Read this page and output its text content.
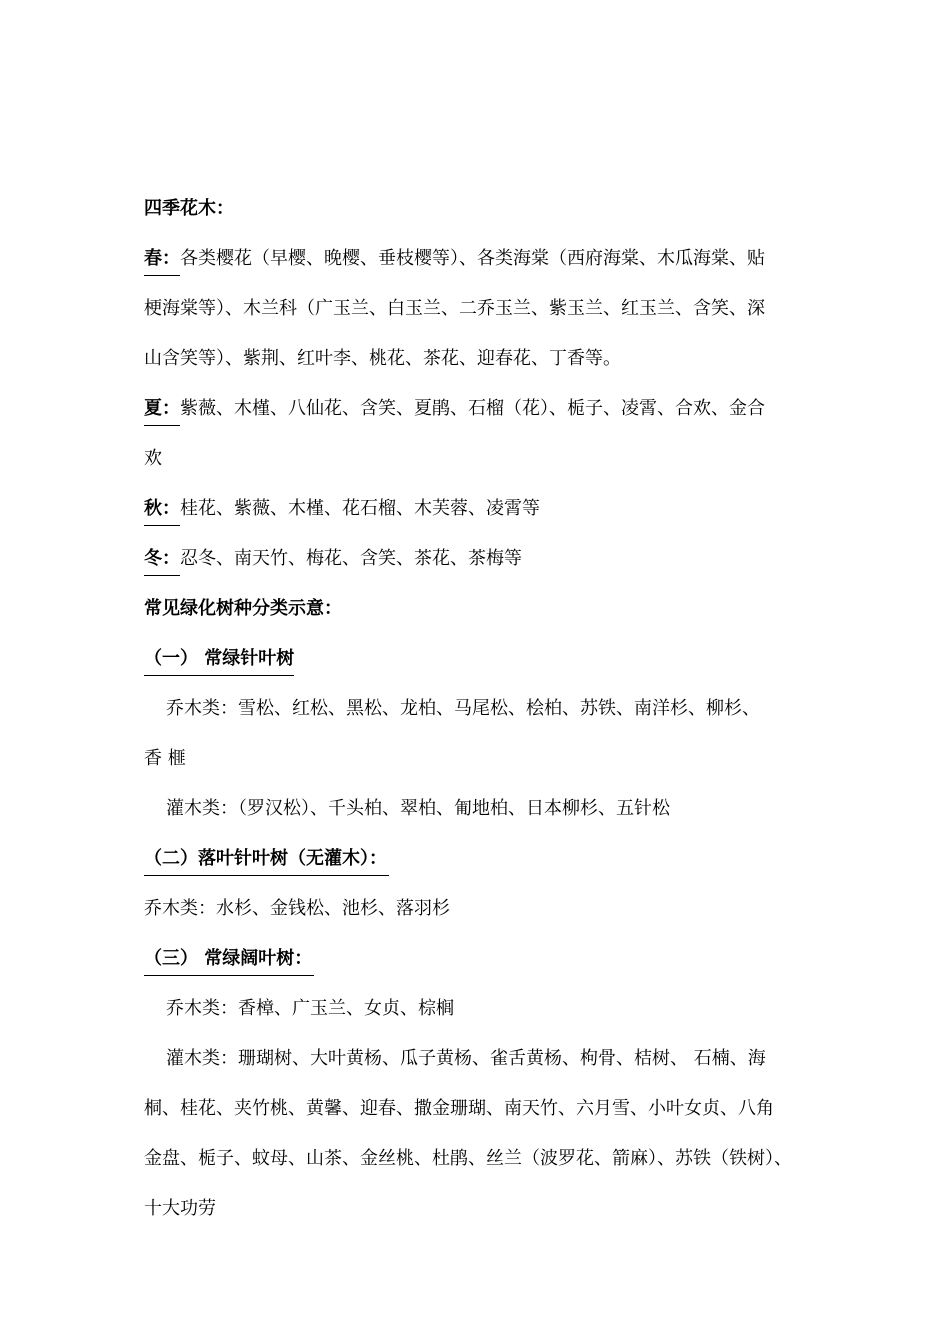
四季花木：
春：各类樱花（早樱、晚樱、垂枝樱等）、各类海棠（西府海棠、木瓜海棠、贴
梗海棠等）、木兰科（广玉兰、白玉兰、二乔玉兰、紫玉兰、红玉兰、含笑、深
山含笑等）、紫荆、红叶李、桃花、茶花、迎春花、丁香等。
夏：紫薇、木槿、八仙花、含笑、夏鹃、石榴（花）、栀子、凌霄、合欢、金合
欢
秋：桂花、紫薇、木槿、花石榴、木芙蓉、凌霄等
冬：忍冬、南天竹、梅花、含笑、茶花、茶梅等
常见绿化树种分类示意：
（一） 常绿针叶树
乔木类：雪松、红松、黑松、龙柏、马尾松、桧柏、苏铁、南洋杉、柳杉、
香 榧
灌木类：（罗汉松）、千头柏、翠柏、匍地柏、日本柳杉、五针松
（二）落叶针叶树（无灌木）：
乔木类：水杉、金钱松、池杉、落羽杉
（三） 常绿阔叶树：
乔木类：香樟、广玉兰、女贞、棕榈
灌木类：珊瑚树、大叶黄杨、瓜子黄杨、雀舌黄杨、枸骨、桔树、 石楠、海
桐、桂花、夹竹桃、黄馨、迎春、撒金珊瑚、南天竹、六月雪、小叶女贞、八角
金盘、栀子、蚊母、山茶、金丝桃、杜鹃、丝兰（波罗花、箭麻）、苏铁（铁树）、
十大功劳
